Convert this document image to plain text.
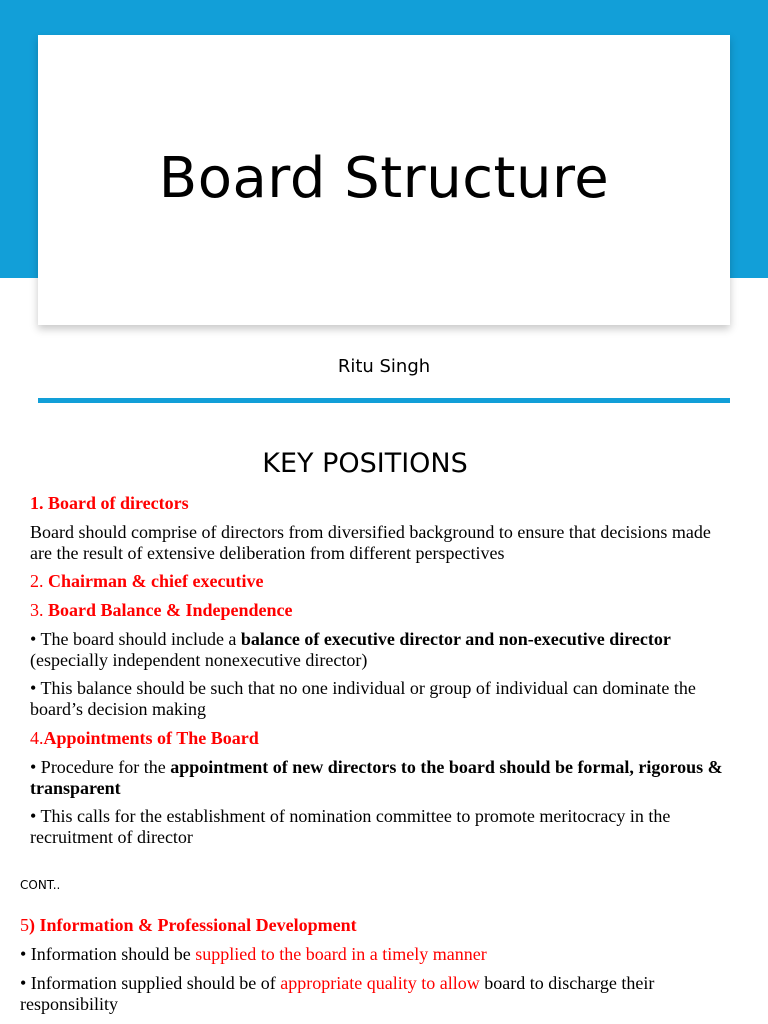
Board Structure
Ritu Singh
KEY POSITIONS
1. Board of directors
Board should comprise of directors from diversified background to ensure that decisions made are the result of extensive deliberation from different perspectives
2. Chairman & chief executive
3. Board Balance & Independence
• The board should include a balance of executive director and non-executive director (especially independent nonexecutive director)
• This balance should be such that no one individual or group of individual can dominate the board’s decision making
4.Appointments of The Board
• Procedure for the appointment of new directors to the board should be formal, rigorous & transparent
• This calls for the establishment of nomination committee to promote meritocracy in the recruitment of director
CONT..
5) Information & Professional Development
• Information should be supplied to the board in a timely manner
• Information supplied should be of appropriate quality to allow board to discharge their responsibility
